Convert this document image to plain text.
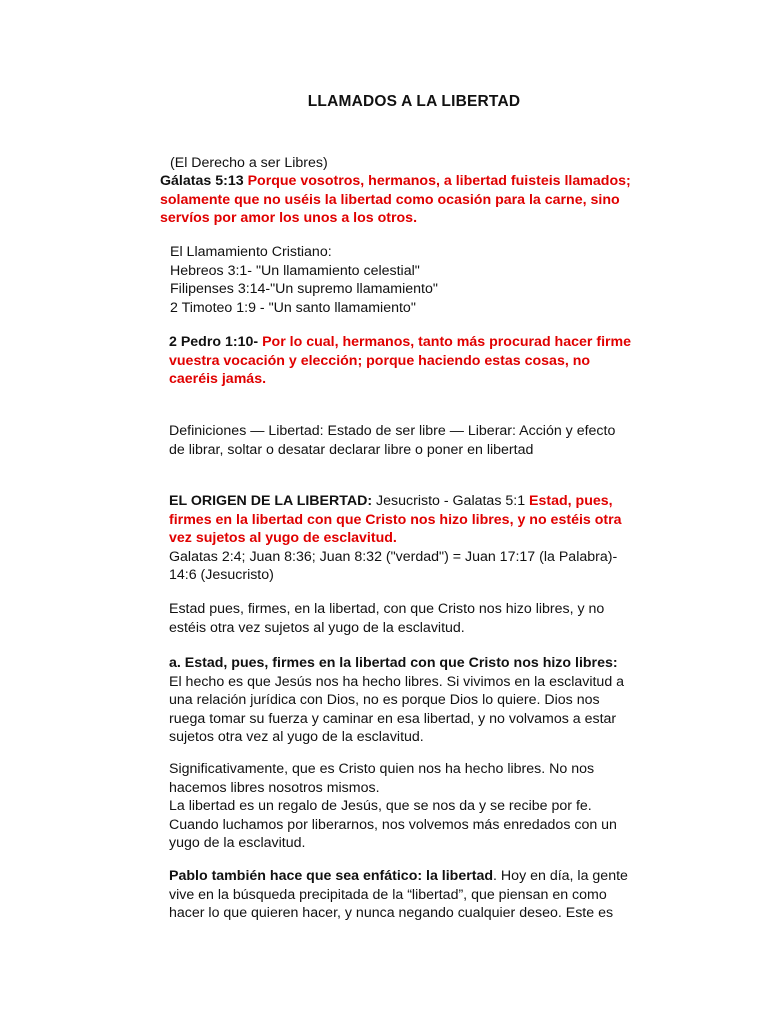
LLAMADOS A LA LIBERTAD
(El Derecho a ser Libres)
Gálatas 5:13 Porque vosotros, hermanos, a libertad fuisteis llamados;
solamente que no uséis la libertad como ocasión para la carne, sino
servíos por amor los unos a los otros.
El Llamamiento Cristiano:
Hebreos 3:1- "Un llamamiento celestial"
Filipenses 3:14-"Un supremo llamamiento"
2 Timoteo 1:9 - "Un santo llamamiento"
2 Pedro 1:10- Por lo cual, hermanos, tanto más procurad hacer firme
vuestra vocación y elección; porque haciendo estas cosas, no
caeréis jamás.
Definiciones — Libertad: Estado de ser libre — Liberar: Acción y efecto
de librar, soltar o desatar declarar libre o poner en libertad
EL ORIGEN DE LA LIBERTAD: Jesucristo - Galatas 5:1 Estad, pues,
firmes en la libertad con que Cristo nos hizo libres, y no estéis otra
vez sujetos al yugo de esclavitud.
Galatas 2:4; Juan 8:36; Juan 8:32 ("verdad") = Juan 17:17 (la Palabra)-
14:6 (Jesucristo)
Estad pues, firmes, en la libertad, con que Cristo nos hizo libres, y no
estéis otra vez sujetos al yugo de la esclavitud.
a. Estad, pues, firmes en la libertad con que Cristo nos hizo libres:
El hecho es que Jesús nos ha hecho libres. Si vivimos en la esclavitud a
una relación jurídica con Dios, no es porque Dios lo quiere. Dios nos
ruega tomar su fuerza y caminar en esa libertad, y no volvamos a estar
sujetos otra vez al yugo de la esclavitud.
Significativamente, que es Cristo quien nos ha hecho libres. No nos
hacemos libres nosotros mismos.
La libertad es un regalo de Jesús, que se nos da y se recibe por fe.
Cuando luchamos por liberarnos, nos volvemos más enredados con un
yugo de la esclavitud.
Pablo también hace que sea enfático: la libertad. Hoy en día, la gente
vive en la búsqueda precipitada de la “libertad”, que piensan en como
hacer lo que quieren hacer, y nunca negando cualquier deseo. Este es
